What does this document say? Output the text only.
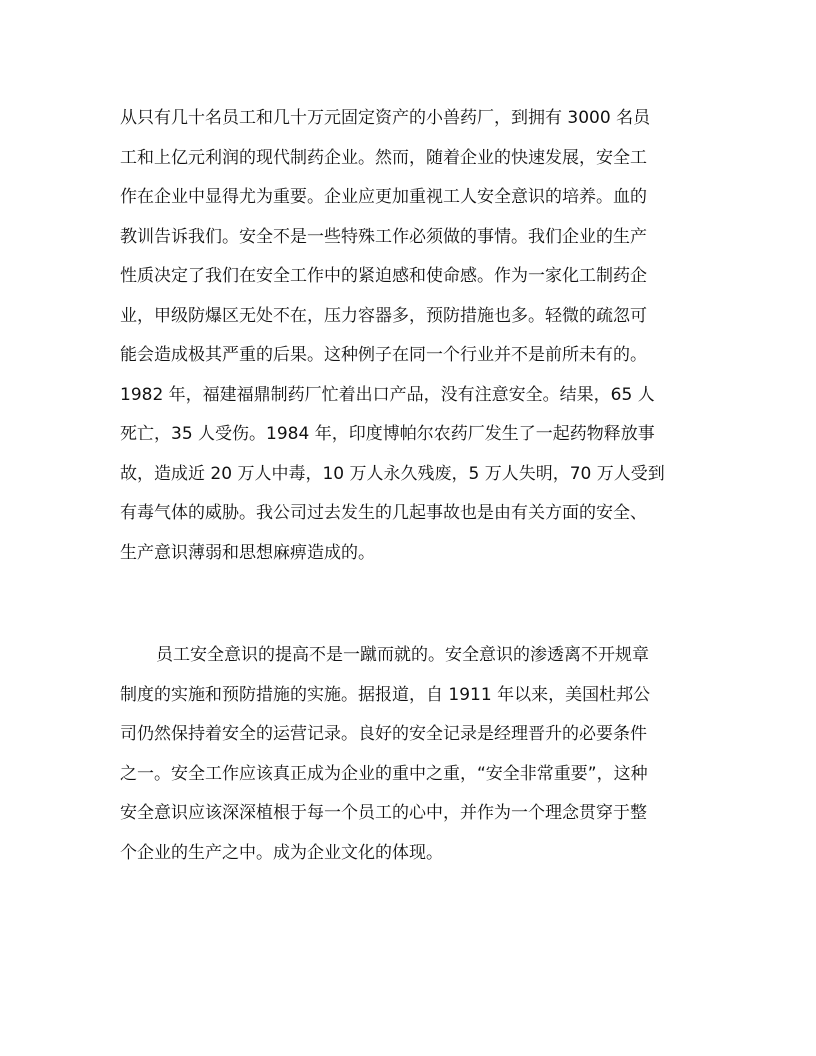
从只有几十名员工和几十万元固定资产的小兽药厂，到拥有 3000 名员
工和上亿元利润的现代制药企业。然而，随着企业的快速发展，安全工
作在企业中显得尤为重要。企业应更加重视工人安全意识的培养。血的
教训告诉我们。安全不是一些特殊工作必须做的事情。我们企业的生产
性质决定了我们在安全工作中的紧迫感和使命感。作为一家化工制药企
业，甲级防爆区无处不在，压力容器多，预防措施也多。轻微的疏忽可
能会造成极其严重的后果。这种例子在同一个行业并不是前所未有的。
1982 年，福建福鼎制药厂忙着出口产品，没有注意安全。结果，65 人
死亡，35 人受伤。1984 年，印度博帕尔农药厂发生了一起药物释放事
故，造成近 20 万人中毒，10 万人永久残废，5 万人失明，70 万人受到
有毒气体的威胁。我公司过去发生的几起事故也是由有关方面的安全、
生产意识薄弱和思想麻痹造成的。
员工安全意识的提高不是一蹴而就的。安全意识的渗透离不开规章
制度的实施和预防措施的实施。据报道，自 1911 年以来，美国杜邦公
司仍然保持着安全的运营记录。良好的安全记录是经理晋升的必要条件
之一。安全工作应该真正成为企业的重中之重，“安全非常重要”，这种
安全意识应该深深植根于每一个员工的心中，并作为一个理念贯穿于整
个企业的生产之中。成为企业文化的体现。
